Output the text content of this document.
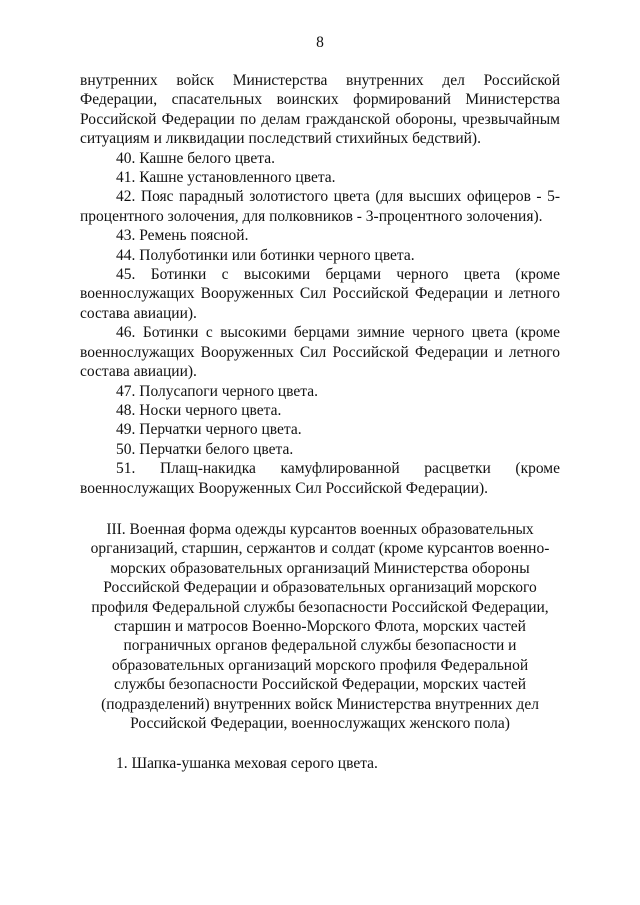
8

внутренних войск Министерства внутренних дел Российской Федерации, спасательных воинских формирований Министерства Российской Федерации по делам гражданской обороны, чрезвычайным ситуациям и ликвидации последствий стихийных бедствий).

40. Кашне белого цвета.

41. Кашне установленного цвета.

42. Пояс парадный золотистого цвета (для высших офицеров - 5-процентного золочения, для полковников - 3-процентного золочения).

43. Ремень поясной.

44. Полуботинки или ботинки черного цвета.

45. Ботинки с высокими берцами черного цвета (кроме военнослужащих Вооруженных Сил Российской Федерации и летного состава авиации).

46. Ботинки с высокими берцами зимние черного цвета (кроме военнослужащих Вооруженных Сил Российской Федерации и летного состава авиации).

47. Полусапоги черного цвета.

48. Носки черного цвета.

49. Перчатки черного цвета.

50. Перчатки белого цвета.

51. Плащ-накидка камуфлированной расцветки (кроме военнослужащих Вооруженных Сил Российской Федерации).

III. Военная форма одежды курсантов военных образовательных организаций, старшин, сержантов и солдат (кроме курсантов военно-морских образовательных организаций Министерства обороны Российской Федерации и образовательных организаций морского профиля Федеральной службы безопасности Российской Федерации, старшин и матросов Военно-Морского Флота, морских частей пограничных органов федеральной службы безопасности и образовательных организаций морского профиля Федеральной службы безопасности Российской Федерации, морских частей (подразделений) внутренних войск Министерства внутренних дел Российской Федерации, военнослужащих женского пола)

1. Шапка-ушанка меховая серого цвета.
